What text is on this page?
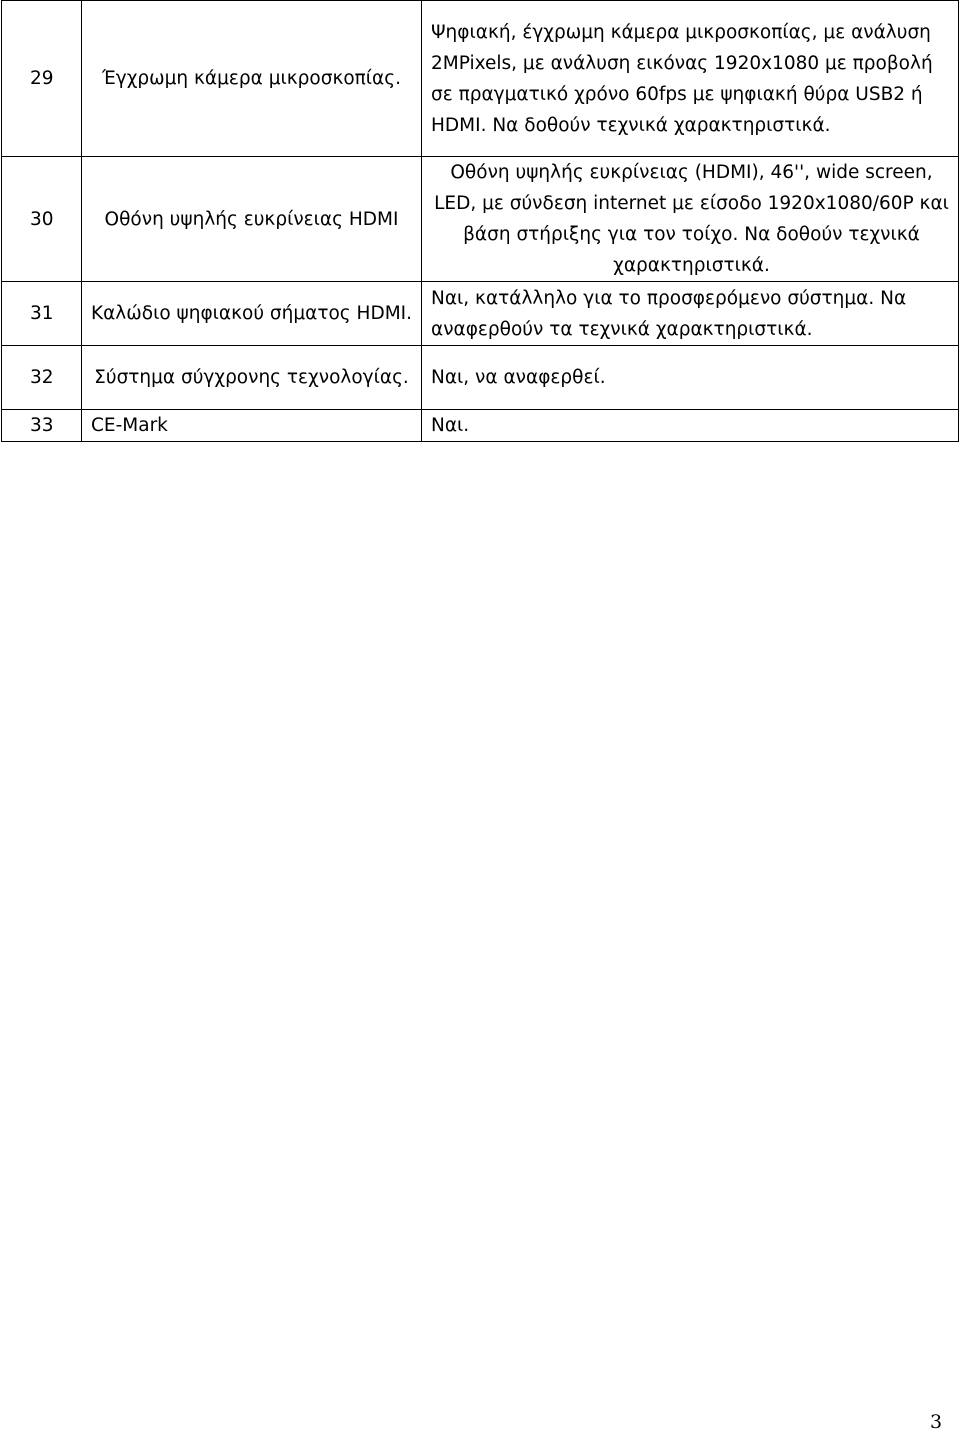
29	Έγχρωμη κάμερα μικροσκοπίας.	Ψηφιακή, έγχρωμη κάμερα μικροσκοπίας, με ανάλυση 2MPixels, με ανάλυση εικόνας 1920x1080 με προβολή σε πραγματικό χρόνο 60fps με ψηφιακή θύρα USB2 ή HDMI. Να δοθούν τεχνικά χαρακτηριστικά.
30	Οθόνη υψηλής ευκρίνειας HDMI	Οθόνη υψηλής ευκρίνειας (HDMI), 46'', wide screen, LED, με σύνδεση internet με είσοδο 1920x1080/60P και βάση στήριξης για τον τοίχο. Να δοθούν τεχνικά χαρακτηριστικά.
31	Καλώδιο ψηφιακού σήματος HDMI.	Ναι, κατάλληλο για το προσφερόμενο σύστημα. Να αναφερθούν τα τεχνικά χαρακτηριστικά.
32	Σύστημα σύγχρονης τεχνολογίας.	Ναι, να αναφερθεί.
33	CE-Mark	Ναι.
3
